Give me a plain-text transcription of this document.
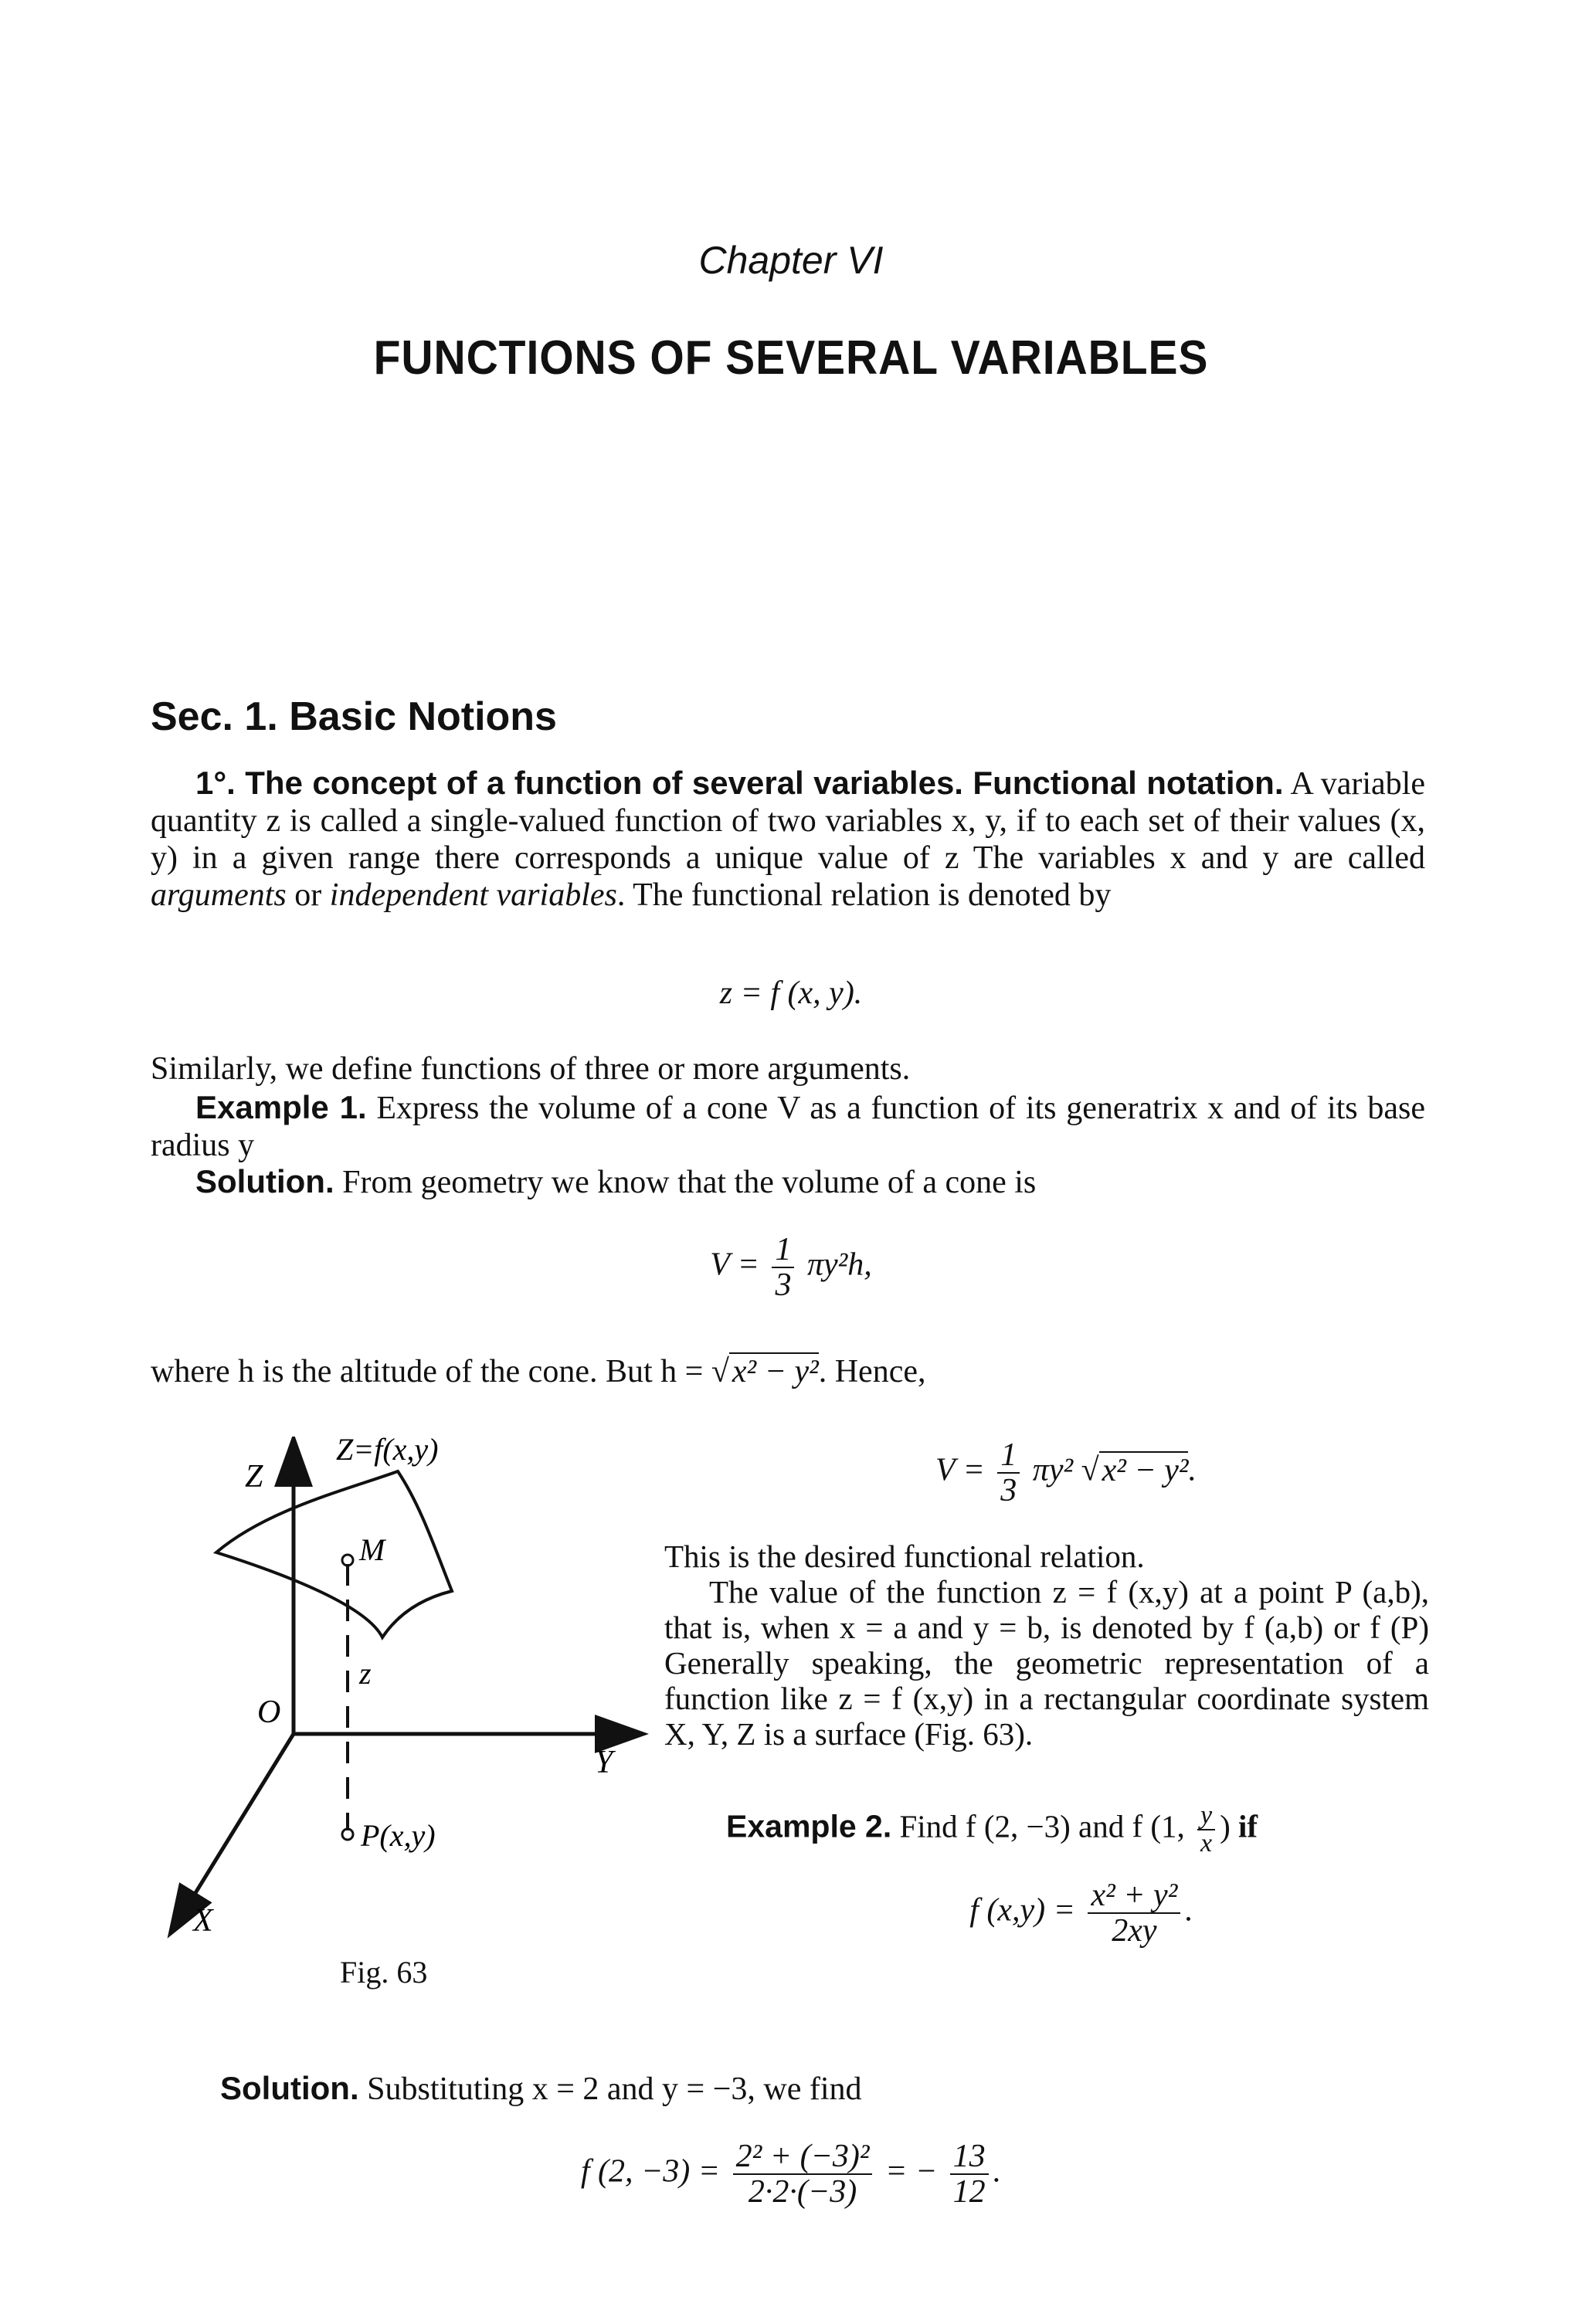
Chapter VI
FUNCTIONS OF SEVERAL VARIABLES
Sec. 1. Basic Notions
1°. The concept of a function of several variables. Functional notation. A variable quantity z is called a single-valued function of two variables x, y, if to each set of their values (x, y) in a given range there corresponds a unique value of z The variables x and y are called arguments or independent variables. The functional relation is denoted by
z = f (x, y).
Similarly, we define functions of three or more arguments.
Example 1. Express the volume of a cone V as a function of its generatrix x and of its base radius y
Solution. From geometry we know that the volume of a cone is
$V = \frac{1}{3} \pi y^2h$,
where h is the altitude of the cone. But h = √x² − y². Hence,
Z=f(x,y)
Z
Y
X
O
M
z
P(x,y)
Fig. 63
$V = \frac{1}{3} \pi y^2$ √x² − y².
This is the desired functional relation.
The value of the function z = f (x,y) at a point P (a,b), that is, when x = a and y = b, is denoted by f (a,b) or f (P) Generally speaking, the geometric representation of a function like z = f (x,y) in a rectangular coordinate system X, Y, Z is a surface (Fig. 63).
Example 2. Find f (2, −3) and f (1, $\frac{y}{x}$ ) if
f $(x,y) = \frac{\text{x² + y²}}{2xy}$ .
Solution. Substituting x = 2 and y = −3, we find
f (2, $-3) = \frac{\text{2² + (−3)²}}{2\cdot 2\cdot(-3)}$ = − $\frac{13}{12}$ .
